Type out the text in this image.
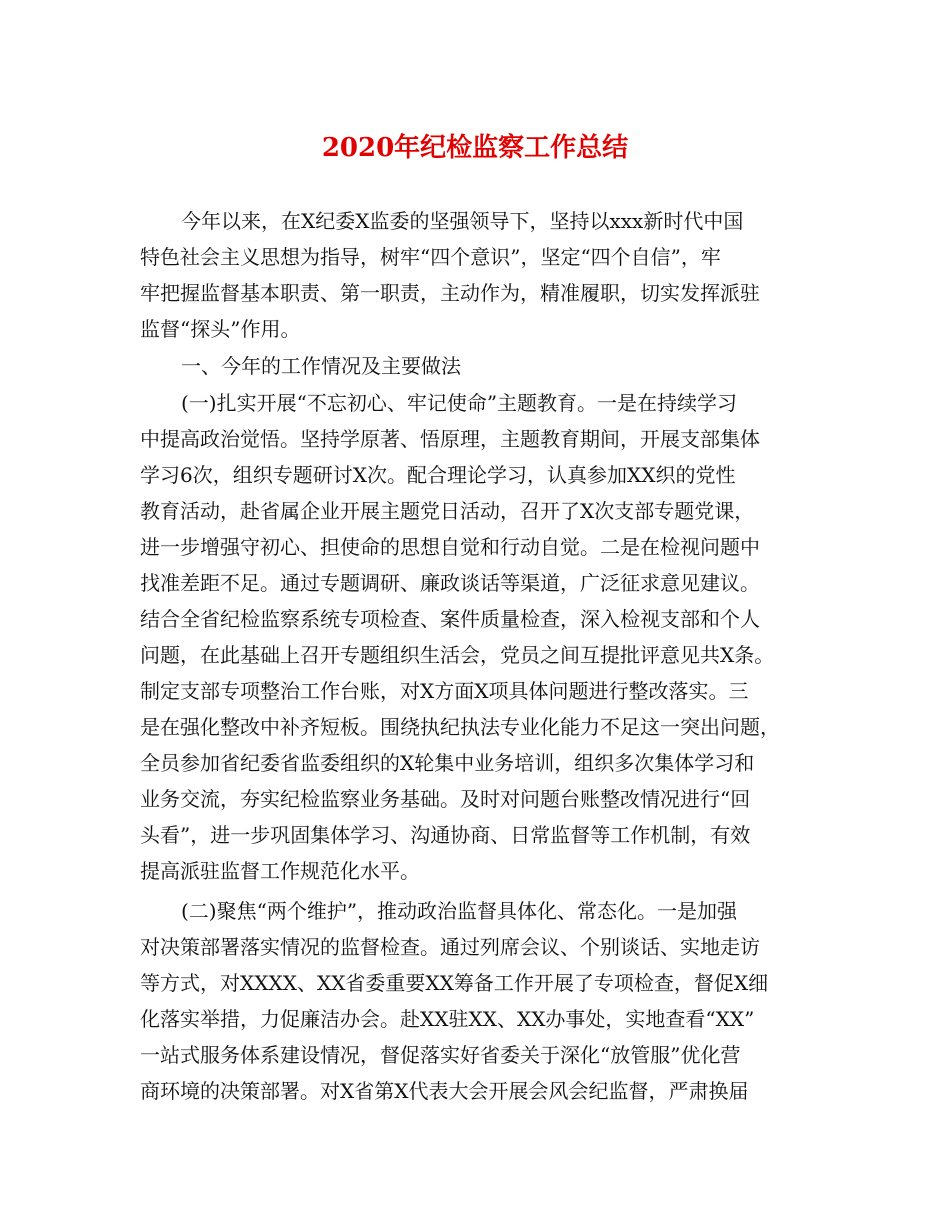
2020年纪检监察工作总结
今年以来，在X纪委X监委的坚强领导下，坚持以xxx新时代中国
特色社会主义思想为指导，树牢“四个意识”，坚定“四个自信”，牢
牢把握监督基本职责、第一职责，主动作为，精准履职，切实发挥派驻
监督“探头”作用。
一、今年的工作情况及主要做法
(一)扎实开展“不忘初心、牢记使命”主题教育。一是在持续学习
中提高政治觉悟。坚持学原著、悟原理，主题教育期间，开展支部集体
学习6次，组织专题研讨X次。配合理论学习，认真参加XX织的党性
教育活动，赴省属企业开展主题党日活动，召开了X次支部专题党课，
进一步增强守初心、担使命的思想自觉和行动自觉。二是在检视问题中
找准差距不足。通过专题调研、廉政谈话等渠道，广泛征求意见建议。
结合全省纪检监察系统专项检查、案件质量检查，深入检视支部和个人
问题，在此基础上召开专题组织生活会，党员之间互提批评意见共X条。
制定支部专项整治工作台账，对X方面X项具体问题进行整改落实。三
是在强化整改中补齐短板。围绕执纪执法专业化能力不足这一突出问题，
全员参加省纪委省监委组织的X轮集中业务培训，组织多次集体学习和
业务交流，夯实纪检监察业务基础。及时对问题台账整改情况进行“回
头看”，进一步巩固集体学习、沟通协商、日常监督等工作机制，有效
提高派驻监督工作规范化水平。
(二)聚焦“两个维护”，推动政治监督具体化、常态化。一是加强
对决策部署落实情况的监督检查。通过列席会议、个别谈话、实地走访
等方式，对XXXX、XX省委重要XX筹备工作开展了专项检查，督促X细
化落实举措，力促廉洁办会。赴XX驻XX、XX办事处，实地查看“XX”
一站式服务体系建设情况，督促落实好省委关于深化“放管服”优化营
商环境的决策部署。对X省第X代表大会开展会风会纪监督，严肃换届
